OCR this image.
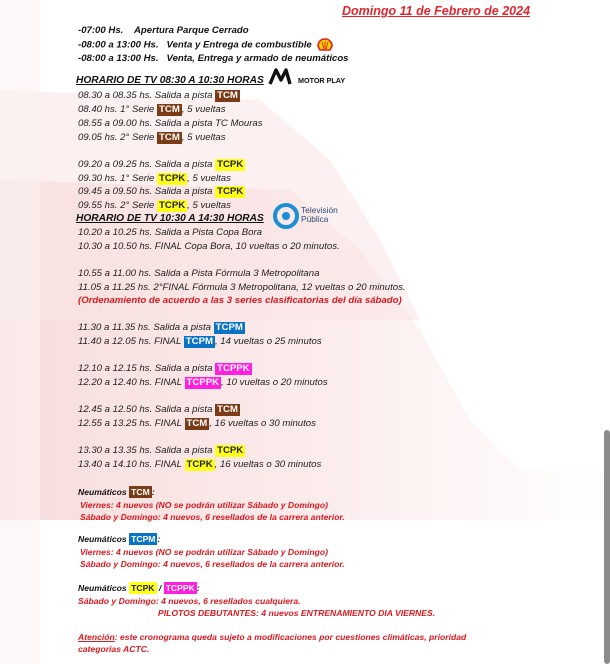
Domingo 11 de Febrero de 2024
-07:00 Hs. Apertura Parque Cerrado
-08:00 a 13:00 Hs. Venta y Entrega de combustible
-08:00 a 13:00 Hs. Venta, Entrega y armado de neumáticos
HORARIO DE TV 08:30 A 10:30 HORAS	MOTOR PLAY
08.30 a 08.35 hs. Salida a pista TCM
08.40 hs. 1° Serie TCM , 5 vueltas
08.55 a 09.00 hs. Salida a pista TC Mouras
09.05 hs. 2° Serie TCM , 5 vueltas
09.20 a 09.25 hs. Salida a pista TCPK
09.30 hs. 1° Serie TCPK , 5 vueltas
09.45 a 09.50 hs. Salida a pista TCPK
09.55 hs. 2° Serie TCPK , 5 vueltas
HORARIO DE TV 10:30 A 14:30 HORAS
Televisión
Pública
10.20 a 10.25 hs. Salida a Pista Copa Bora
10.30 a 10.50 hs. FINAL Copa Bora, 10 vueltas o 20 minutos.
10.55 a 11.00 hs. Salida a Pista Fórmula 3 Metropolitana
11.05 a 11.25 hs. 2°FINAL Fórmula 3 Metropolitana, 12 vueltas o 20 minutos.
(Ordenamiento de acuerdo a las 3 series clasificatorias del día sábado)
11.30 a 11.35 hs. Salida a pista TCPM
11.40 a 12.05 hs. FINAL TCPM , 14 vueltas o 25 minutos
12.10 a 12.15 hs. Salida a pista TCPPK
12.20 a 12.40 hs. FINAL TCPPK , 10 vueltas o 20 minutos
12.45 a 12.50 hs. Salida a pista TCM
12.55 a 13.25 hs. FINAL TCM , 16 vueltas o 30 minutos
13.30 a 13.35 hs. Salida a pista TCPK
13.40 a 14.10 hs. FINAL TCPK , 16 vueltas o 30 minutos
Neumáticos TCM :
Viernes: 4 nuevos (NO se podrán utilizar Sábado y Domingo)
Sábado y Domingo: 4 nuevos, 6 resellados de la carrera anterior.
Neumáticos TCPM :
Viernes: 4 nuevos (NO se podrán utilizar Sábado y Domingo)
Sábado y Domingo: 4 nuevos, 6 resellados de la carrera anterior.
Neumáticos TCPK / TCPPK :
Sábado y Domingo: 4 nuevos, 6 resellados cualquiera.
PILOTOS DEBUTANTES: 4 nuevos ENTRENAMIENTO DIA VIERNES.
Atención: este cronograma queda sujeto a modificaciones por cuestiones climáticas, prioridad
categorías ACTC.
